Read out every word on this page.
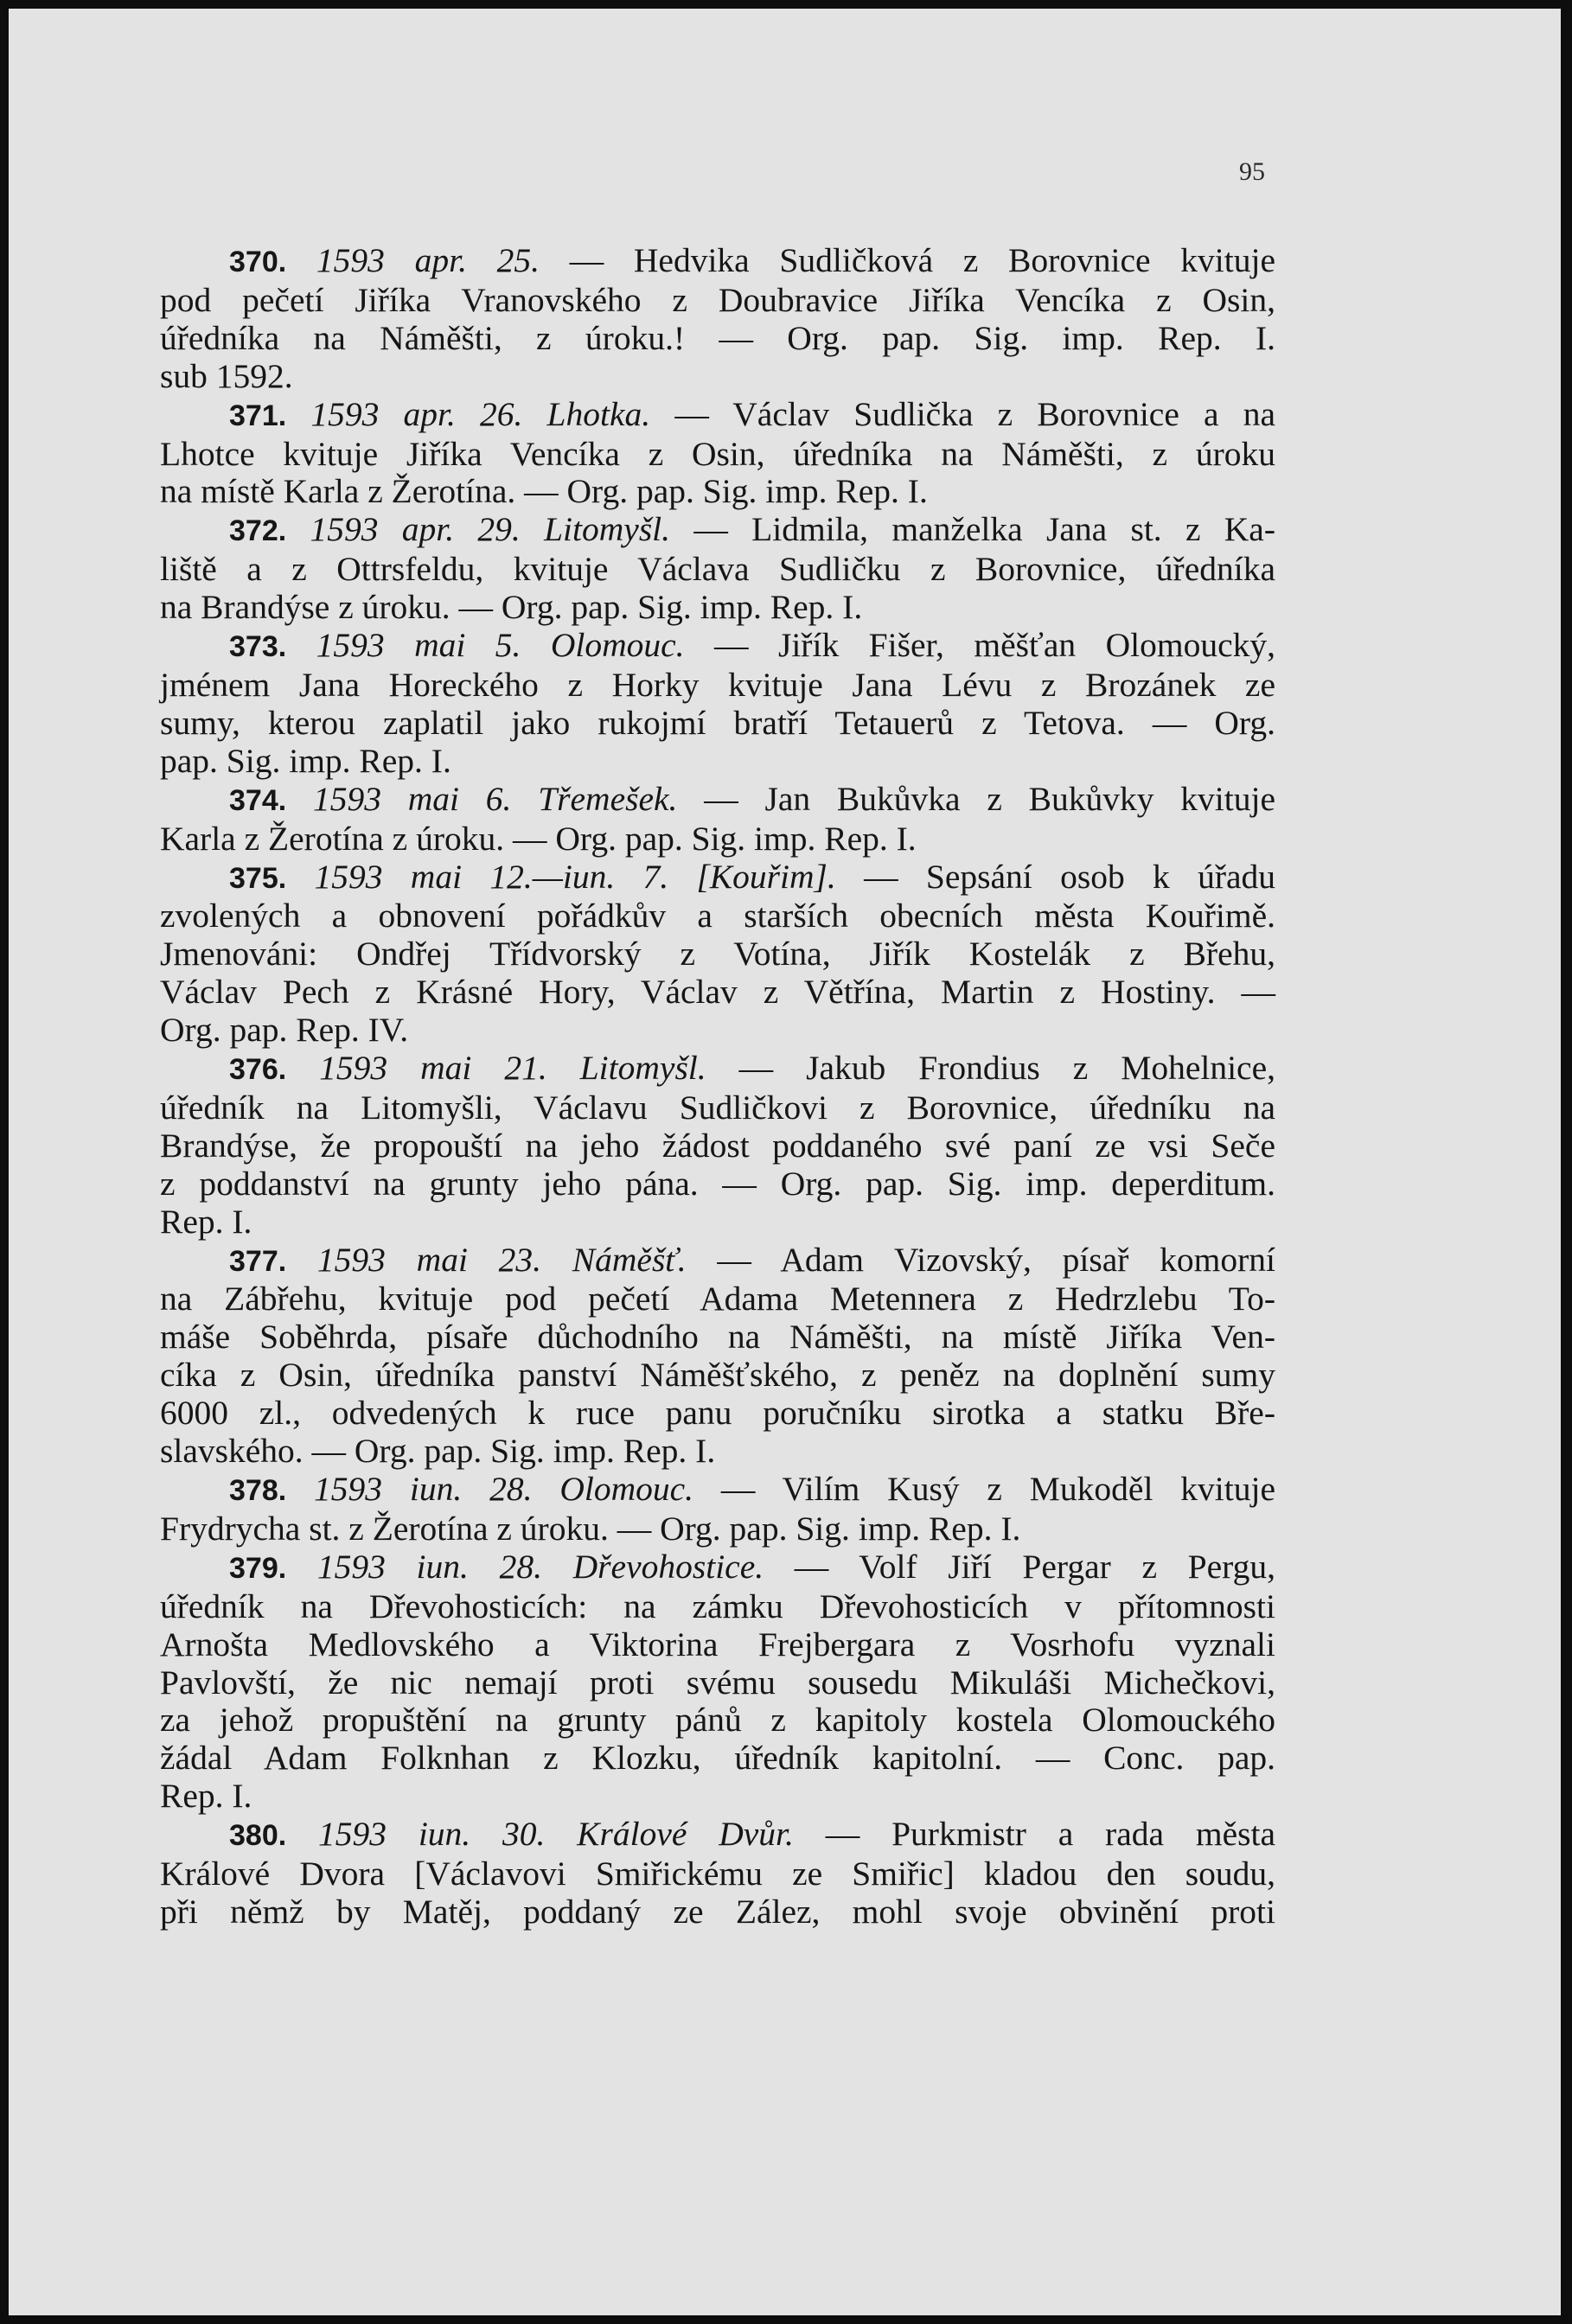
95
370. 1593 apr. 25. — Hedvika Sudličková z Borovnice kvituje
pod pečetí Jiříka Vranovského z Doubravice Jiříka Vencíka z Osin,
úředníka na Náměšti, z úroku.! — Org. pap. Sig. imp. Rep. I.
sub 1592.
371. 1593 apr. 26. Lhotka. — Václav Sudlička z Borovnice a na
Lhotce kvituje Jiříka Vencíka z Osin, úředníka na Náměšti, z úroku
na místě Karla z Žerotína. — Org. pap. Sig. imp. Rep. I.
372. 1593 apr. 29. Litomyšl. — Lidmila, manželka Jana st. z Ka-
liště a z Ottrsfeldu, kvituje Václava Sudličku z Borovnice, úředníka
na Brandýse z úroku. — Org. pap. Sig. imp. Rep. I.
373. 1593 mai 5. Olomouc. — Jiřík Fišer, měšťan Olomoucký,
jménem Jana Horeckého z Horky kvituje Jana Lévu z Brozánek ze
sumy, kterou zaplatil jako rukojmí bratří Tetauerů z Tetova. — Org.
pap. Sig. imp. Rep. I.
374. 1593 mai 6. Třemešek. — Jan Bukůvka z Bukůvky kvituje
Karla z Žerotína z úroku. — Org. pap. Sig. imp. Rep. I.
375. 1593 mai 12.—iun. 7. [Kouřim]. — Sepsání osob k úřadu
zvolených a obnovení pořádkův a starších obecních města Kouřimě.
Jmenováni: Ondřej Třídvorský z Votína, Jiřík Kostelák z Břehu,
Václav Pech z Krásné Hory, Václav z Větřína, Martin z Hostiny. —
Org. pap. Rep. IV.
376. 1593 mai 21. Litomyšl. — Jakub Frondius z Mohelnice,
úředník na Litomyšli, Václavu Sudličkovi z Borovnice, úředníku na
Brandýse, že propouští na jeho žádost poddaného své paní ze vsi Seče
z poddanství na grunty jeho pána. — Org. pap. Sig. imp. deperditum.
Rep. I.
377. 1593 mai 23. Náměšť. — Adam Vizovský, písař komorní
na Zábřehu, kvituje pod pečetí Adama Metennera z Hedrzlebu To-
máše Soběhrda, písaře důchodního na Náměšti, na místě Jiříka Ven-
cíka z Osin, úředníka panství Náměšťského, z peněz na doplnění sumy
6000 zl., odvedených k ruce panu poručníku sirotka a statku Bře-
slavského. — Org. pap. Sig. imp. Rep. I.
378. 1593 iun. 28. Olomouc. — Vilím Kusý z Mukoděl kvituje
Frydrycha st. z Žerotína z úroku. — Org. pap. Sig. imp. Rep. I.
379. 1593 iun. 28. Dřevohostice. — Volf Jiří Pergar z Pergu,
úředník na Dřevohosticích: na zámku Dřevohosticích v přítomnosti
Arnošta Medlovského a Viktorina Frejbergara z Vosrhofu vyznali
Pavlovští, že nic nemají proti svému sousedu Mikuláši Michečkovi,
za jehož propuštění na grunty pánů z kapitoly kostela Olomouckého
žádal Adam Folknhan z Klozku, úředník kapitolní. — Conc. pap.
Rep. I.
380. 1593 iun. 30. Králové Dvůr. — Purkmistr a rada města
Králové Dvora [Václavovi Smiřickému ze Smiřic] kladou den soudu,
při němž by Matěj, poddaný ze Zález, mohl svoje obvinění proti
